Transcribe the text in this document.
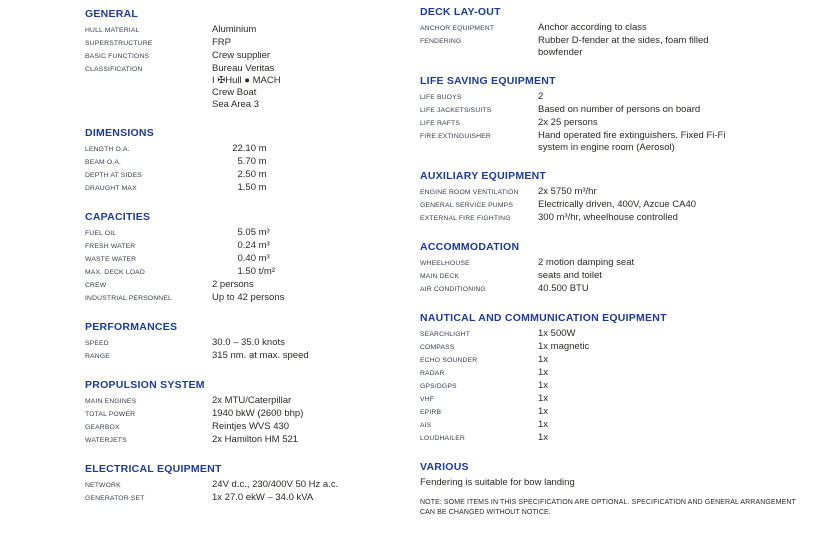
GENERAL
HULL MATERIAL	Aluminium
SUPERSTRUCTURE	FRP
BASIC FUNCTIONS	Crew supplier
CLASSIFICATION	Bureau Veritas
I ✠Hull ● MACH
Crew Boat
Sea Area 3
DIMENSIONS
LENGTH O.A.	22.10 m
BEAM O.A.	5.70 m
DEPTH AT SIDES	2.50 m
DRAUGHT MAX	1.50 m
CAPACITIES
FUEL OIL	5.05 m³
FRESH WATER	0.24 m³
WASTE WATER	0.40 m³
MAX. DECK LOAD	1.50 t/m²
CREW	2 persons
INDUSTRIAL PERSONNEL	Up to 42 persons
PERFORMANCES
SPEED	30.0 – 35.0 knots
RANGE	315 nm. at max. speed
PROPULSION SYSTEM
MAIN ENGINES	2x MTU/Caterpillar
TOTAL POWER	1940 bkW (2600 bhp)
GEARBOX	Reintjes WVS 430
WATERJETS	2x Hamilton HM 521
ELECTRICAL EQUIPMENT
NETWORK	24V d.c., 230/400V 50 Hz a.c.
GENERATOR SET	1x 27.0 ekW – 34.0 kVA
DECK LAY-OUT
ANCHOR EQUIPMENT	Anchor according to class
FENDERING	Rubber D-fender at the sides, foam filled
bowfender
LIFE SAVING EQUIPMENT
LIFE BUOYS	2
LIFE JACKETS/SUITS	Based on number of persons on board
LIFE RAFTS	2x 25 persons
FIRE EXTINGUISHER	Hand operated fire extinguishers. Fixed Fi-Fi
system in engine room (Aerosol)
AUXILIARY EQUIPMENT
ENGINE ROOM VENTILATION	2x 5750 m³/hr
GENERAL SERVICE PUMPS	Electrically driven, 400V, Azcue CA40
EXTERNAL FIRE FIGHTING	300 m³/hr, wheelhouse controlled
ACCOMMODATION
WHEELHOUSE	2 motion damping seat
MAIN DECK	seats and toilet
AIR CONDITIONING	40.500 BTU
NAUTICAL AND COMMUNICATION EQUIPMENT
SEARCHLIGHT	1x 500W
COMPASS	1x magnetic
ECHO SOUNDER	1x
RADAR	1x
GPS/DGPS	1x
VHF	1x
EPIRB	1x
AIS	1x
LOUDHAILER	1x
VARIOUS
Fendering is suitable for bow landing
NOTE: SOME ITEMS IN THIS SPECIFICATION ARE OPTIONAL. SPECIFICATION AND GENERAL ARRANGEMENT CAN BE CHANGED WITHOUT NOTICE.
